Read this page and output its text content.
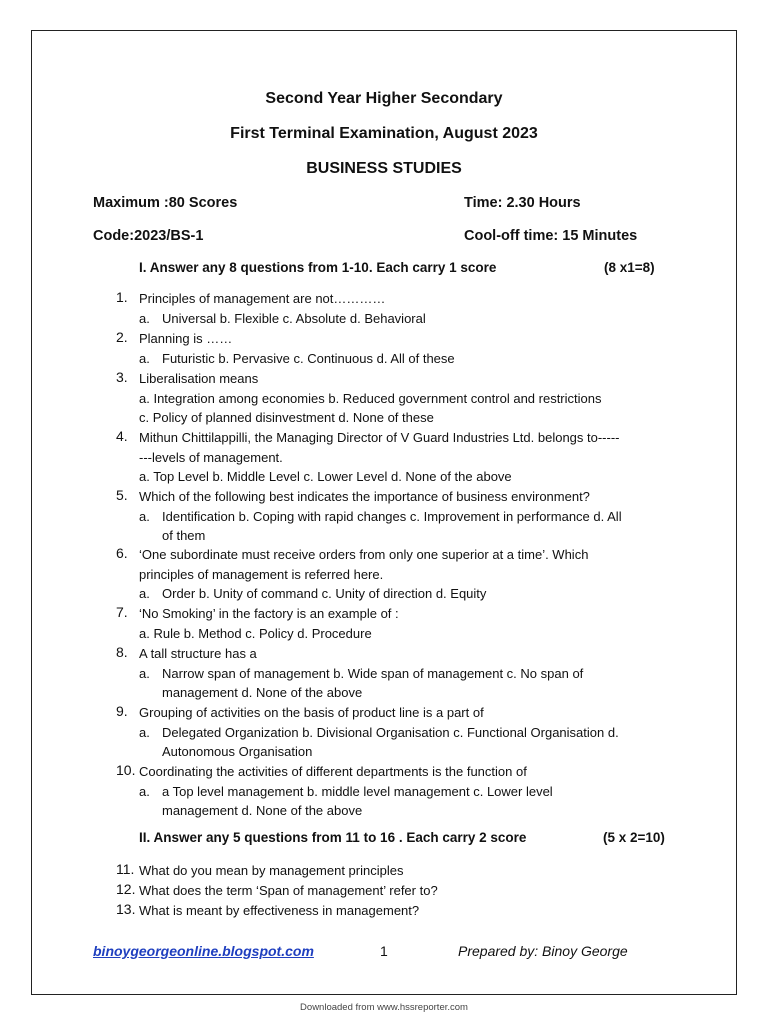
Second Year Higher Secondary
First Terminal Examination, August 2023
BUSINESS STUDIES
Maximum :80 Scores	Time: 2.30 Hours
Code:2023/BS-1	Cool-off time: 15 Minutes
I. Answer any 8 questions from 1-10. Each carry 1 score	(8 x1=8)
1. Principles of management are not…………
a. Universal b. Flexible c. Absolute d. Behavioral
2. Planning is ……
a. Futuristic b. Pervasive c. Continuous d. All of these
3. Liberalisation means
a. Integration among economies b. Reduced government control and restrictions
c. Policy of planned disinvestment d. None of these
4. Mithun Chittilappilli, the Managing Director of V Guard Industries Ltd. belongs to-----
---levels of management.
a. Top Level b. Middle Level c. Lower Level d. None of the above
5. Which of the following best indicates the importance of business environment?
a. Identification b. Coping with rapid changes c. Improvement in performance d. All
of them
6. ‘One subordinate must receive orders from only one superior at a time’. Which
principles of management is referred here.
a. Order b. Unity of command c. Unity of direction d. Equity
7. ‘No Smoking’ in the factory is an example of :
a. Rule b. Method c. Policy d. Procedure
8. A tall structure has a
a. Narrow span of management b. Wide span of management c. No span of
management d. None of the above
9. Grouping of activities on the basis of product line is a part of
a. Delegated Organization b. Divisional Organisation c. Functional Organisation d.
Autonomous Organisation
10. Coordinating the activities of different departments is the function of
a. a Top level management b. middle level management c. Lower level
management d. None of the above
II. Answer any 5 questions from 11 to 16 . Each carry 2 score	(5 x 2=10)
11. What do you mean by management principles
12. What does the term ‘Span of management’ refer to?
13. What is meant by effectiveness in management?
binoygeorgeonline.blogspot.com	1	Prepared by: Binoy George
Downloaded from www.hssreporter.com
